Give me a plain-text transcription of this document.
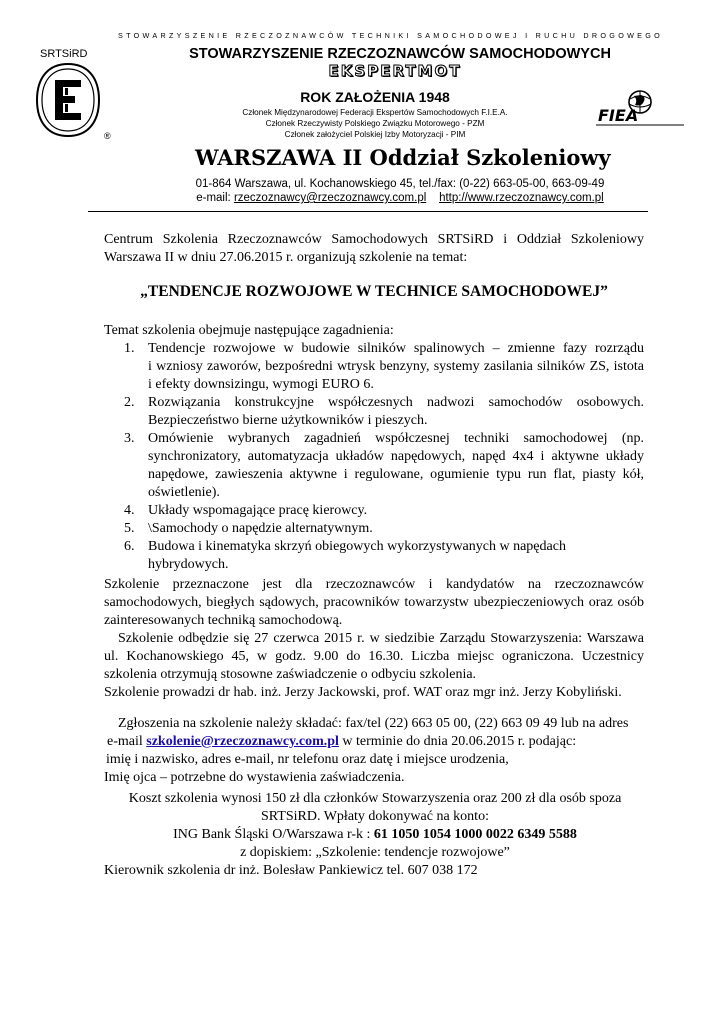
STOWARZYSZENIE RZECZOZNAWCÓW TECHNIKI SAMOCHODOWEJ I RUCHU DROGOWEGO
SRTSiRD
®
STOWARZYSZENIE RZECZOZNAWCÓW SAMOCHODOWYCH
EKSPERTMOT
ROK ZAŁOŻENIA 1948
Członek Międzynarodowej Federacji Ekspertów Samochodowych F.I.E.A.
Członek Rzeczywisty Polskiego Związku Motorowego - PZM
Członek założyciel Polskiej Izby Motoryzacji - PIM
FIEA
WARSZAWA II Oddział Szkoleniowy
01-864 Warszawa, ul. Kochanowskiego 45, tel./fax: (0-22) 663-05-00, 663-09-49
e-mail: rzeczoznawcy@rzeczoznawcy.com.pl http://www.rzeczoznawcy.com.pl
Centrum Szkolenia Rzeczoznawców Samochodowych SRTSiRD i Oddział Szkoleniowy
Warszawa II w dniu 27.06.2015 r. organizują szkolenie na temat:
„TENDENCJE ROZWOJOWE W TECHNICE SAMOCHODOWEJ”
Temat szkolenia obejmuje następujące zagadnienia:
1. Tendencje rozwojowe w budowie silników spalinowych – zmienne fazy rozrządu
i wzniosy zaworów, bezpośredni wtrysk benzyny, systemy zasilania silników ZS, istota
i efekty downsizingu, wymogi EURO 6.
2. Rozwiązania konstrukcyjne współczesnych nadwozi samochodów osobowych.
Bezpieczeństwo bierne użytkowników i pieszych.
3. Omówienie wybranych zagadnień współczesnej techniki samochodowej (np.
synchronizatory, automatyzacja układów napędowych, napęd 4x4 i aktywne układy
napędowe, zawieszenia aktywne i regulowane, ogumienie typu run flat, piasty kół,
oświetlenie).
4. Układy wspomagające pracę kierowcy.
5. \Samochody o napędzie alternatywnym.
6. Budowa i kinematyka skrzyń obiegowych wykorzystywanych w napędach hybrydowych.
Szkolenie przeznaczone jest dla rzeczoznawców i kandydatów na rzeczoznawców
samochodowych, biegłych sądowych, pracowników towarzystw ubezpieczeniowych oraz osób
zainteresowanych techniką samochodową.
Szkolenie odbędzie się 27 czerwca 2015 r. w siedzibie Zarządu Stowarzyszenia: Warszawa
ul. Kochanowskiego 45, w godz. 9.00 do 16.30. Liczba miejsc ograniczona. Uczestnicy
szkolenia otrzymują stosowne zaświadczenie o odbyciu szkolenia.
Szkolenie prowadzi dr hab. inż. Jerzy Jackowski, prof. WAT oraz mgr inż. Jerzy Kobyliński.
Zgłoszenia na szkolenie należy składać: fax/tel (22) 663 05 00, (22) 663 09 49 lub na adres
e-mail szkolenie@rzeczoznawcy.com.pl w terminie do dnia 20.06.2015 r. podając:
imię i nazwisko, adres e-mail, nr telefonu oraz datę i miejsce urodzenia,
Imię ojca – potrzebne do wystawienia zaświadczenia.
Koszt szkolenia wynosi 150 zł dla członków Stowarzyszenia oraz 200 zł dla osób spoza
SRTSiRD. Wpłaty dokonywać na konto:
ING Bank Śląski O/Warszawa r-k : 61 1050 1054 1000 0022 6349 5588
z dopiskiem: „Szkolenie: tendencje rozwojowe”
Kierownik szkolenia dr inż. Bolesław Pankiewicz tel. 607 038 172
